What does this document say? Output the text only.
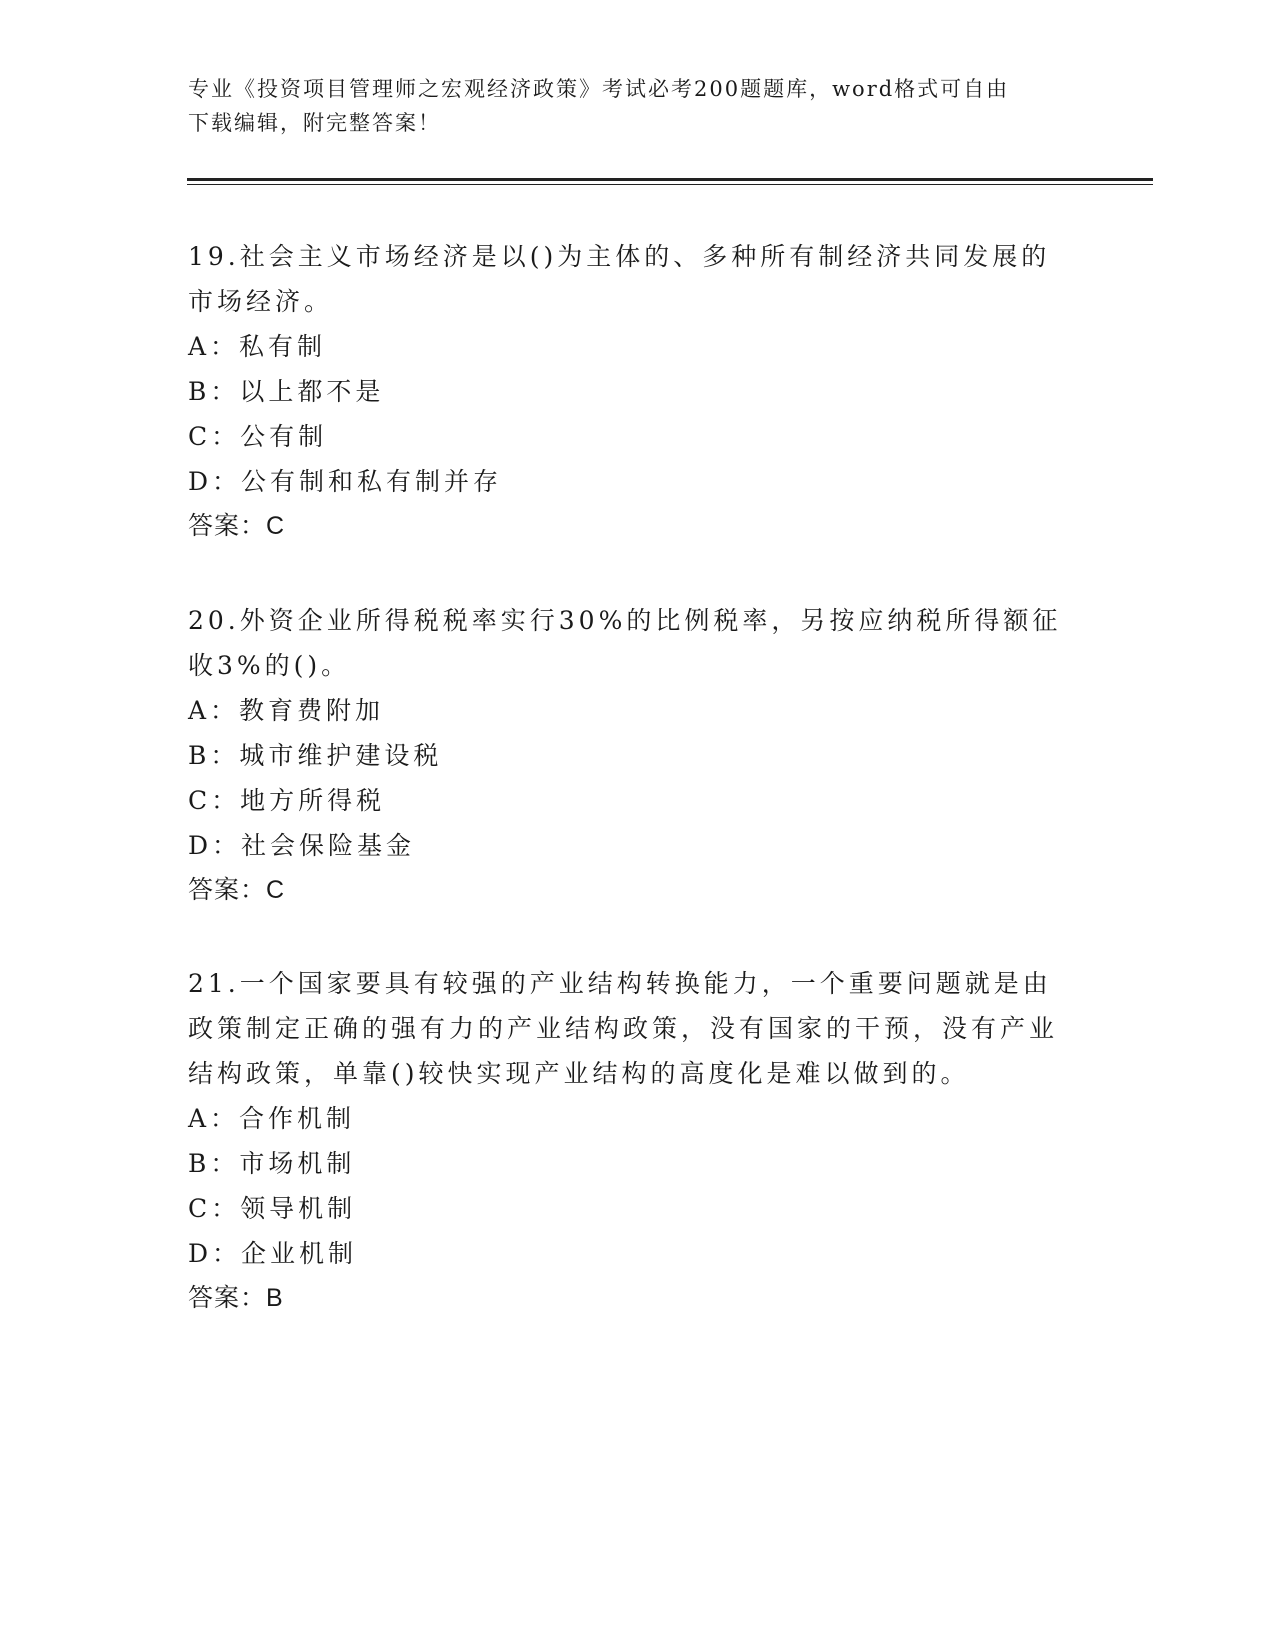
专业《投资项目管理师之宏观经济政策》考试必考200题题库，word格式可自由
下载编辑，附完整答案！

19.社会主义市场经济是以()为主体的、多种所有制经济共同发展的市场经济。

A：私有制

B：以上都不是

C：公有制

D：公有制和私有制并存

答案：C

20.外资企业所得税税率实行30%的比例税率，另按应纳税所得额征收3%的()。

A：教育费附加

B：城市维护建设税

C：地方所得税

D：社会保险基金

答案：C

21.一个国家要具有较强的产业结构转换能力，一个重要问题就是由政策制定正确的强有力的产业结构政策，没有国家的干预，没有产业结构政策，单靠()较快实现产业结构的高度化是难以做到的。

A：合作机制

B：市场机制

C：领导机制

D：企业机制

答案：B
